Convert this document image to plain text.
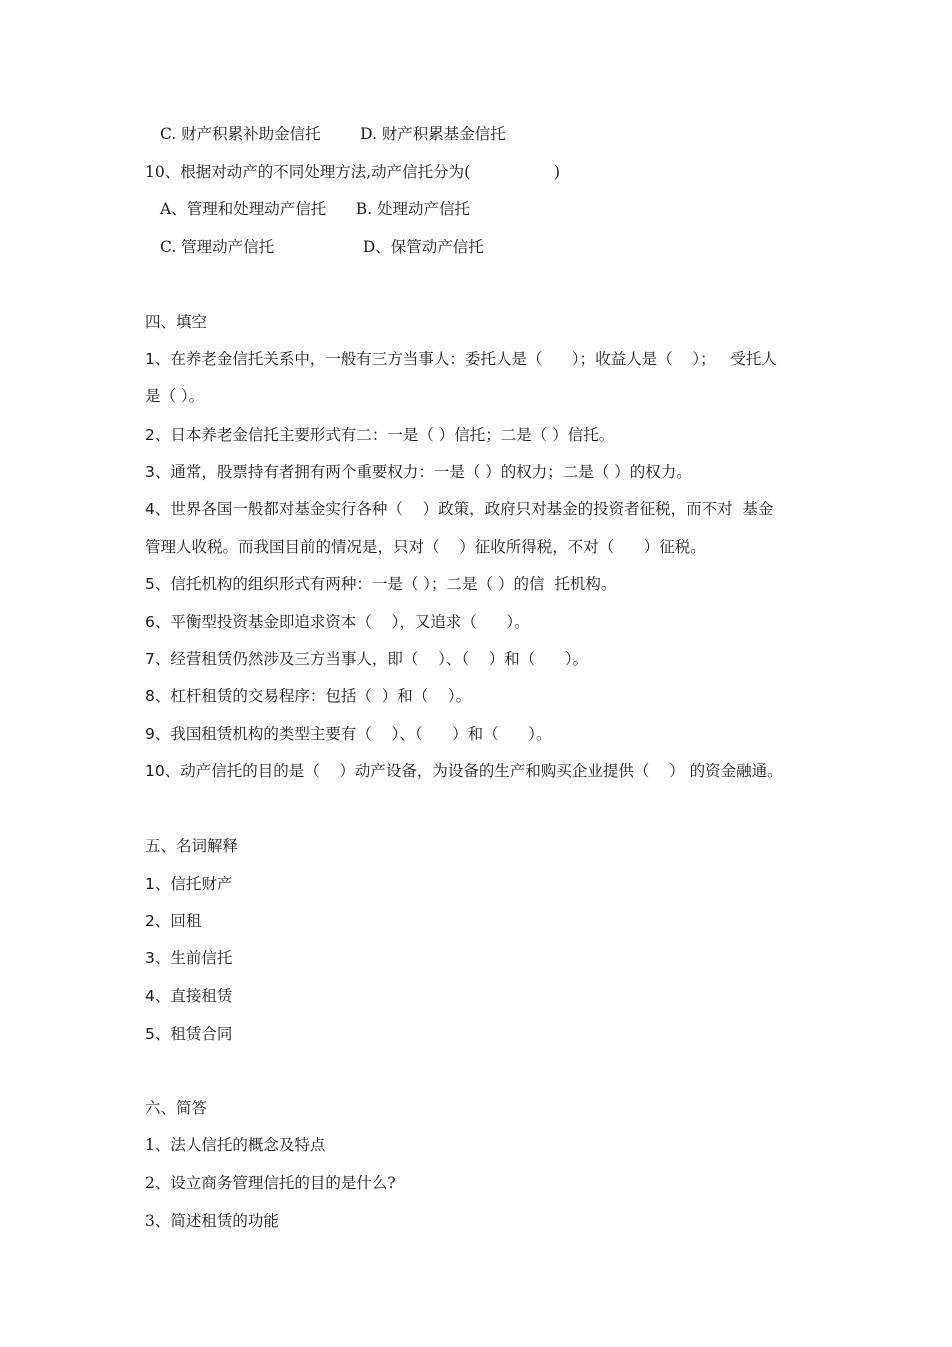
C. 财产积累补助金信托        D. 财产积累基金信托
10、根据对动产的不同处理方法,动产信托分为(                 )
A、管理和处理动产信托      B. 处理动产信托
C. 管理动产信托                  D、保管动产信托
四、填空
1、在养老金信托关系中，一般有三方当事人：委托人是（      ）；收益人是（    ）；   受托人
是（ ）。
2、日本养老金信托主要形式有二：一是（ ）信托；二是（ ）信托。
3、通常，股票持有者拥有两个重要权力：一是（ ）的权力；二是（ ）的权力。
4、世界各国一般都对基金实行各种（    ）政策，政府只对基金的投资者征税，而不对  基金
管理人收税。而我国目前的情况是，只对（    ）征收所得税，不对（      ）征税。
5、信托机构的组织形式有两种：一是（ ）；二是（ ）的信  托机构。
6、平衡型投资基金即追求资本（    ），又追求（      ）。
7、经营租赁仍然涉及三方当事人，即（    ）、（    ）和（      ）。
8、杠杆租赁的交易程序：包括（  ）和（    ）。
9、我国租赁机构的类型主要有（    ）、（      ）和（      ）。
10、动产信托的目的是（    ）动产设备，为设备的生产和购买企业提供（    ） 的资金融通。
五、名词解释
1、信托财产
2、回租
3、生前信托
4、直接租赁
5、租赁合同
六、简答
1、法人信托的概念及特点
2、设立商务管理信托的目的是什么?
3、简述租赁的功能
